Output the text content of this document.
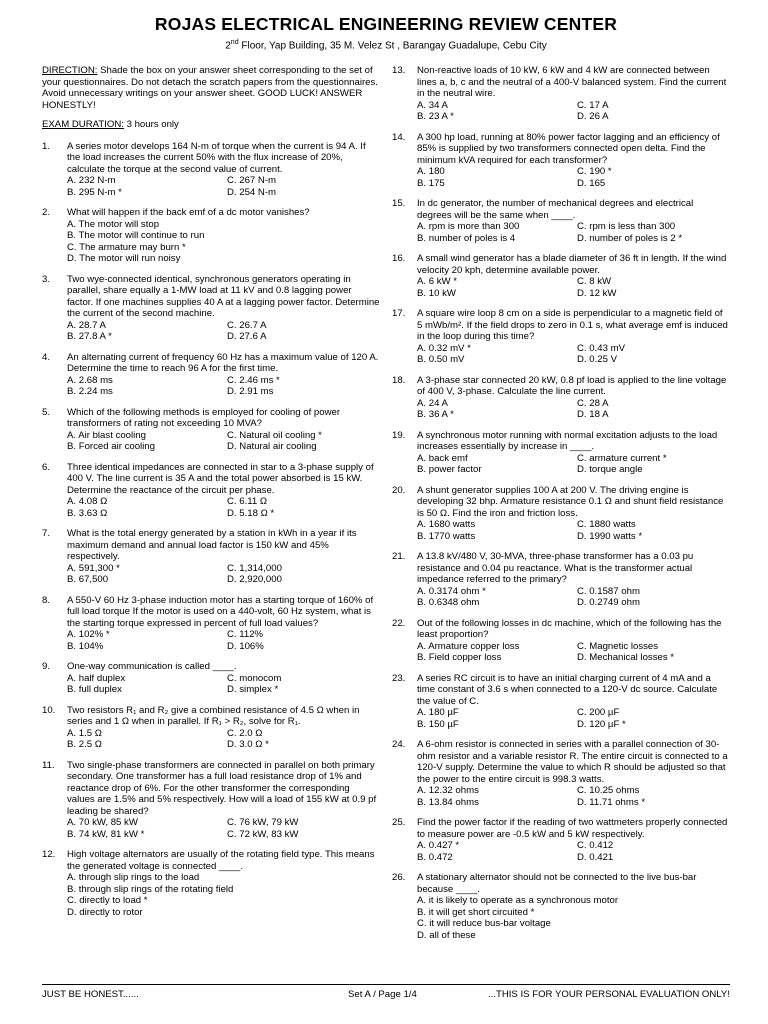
ROJAS ELECTRICAL ENGINEERING REVIEW CENTER
2nd Floor, Yap Building, 35 M. Velez St , Barangay Guadalupe, Cebu City

DIRECTION: Shade the box on your answer sheet corresponding to the set of your questionnaires. Do not detach the scratch papers from the questionnaires. Avoid unnecessary writings on your answer sheet. GOOD LUCK! ANSWER HONESTLY!

EXAM DURATION: 3 hours only

1.	A series motor develops 164 N-m of torque when the current is 94 A. If the load increases the current 50% with the flux increase of 20%, calculate the torque at the second value of current.
A. 232 N-m	C. 267 N-m
B. 295 N-m *	D. 254 N-m
2.	What will happen if the back emf of a dc motor vanishes?
A. The motor will stop
B. The motor will continue to run
C. The armature may burn *
D. The motor will run noisy
3.	Two wye-connected identical, synchronous generators operating in parallel, share equally a 1-MW load at 11 kV and 0.8 lagging power factor. If one machines supplies 40 A at a lagging power factor. Determine the current of the second machine.
A. 28.7 A	C. 26.7 A
B. 27.8 A *	D. 27.6 A
4.	An alternating current of frequency 60 Hz has a maximum value of 120 A. Determine the time to reach 96 A for the first time.
A. 2.68 ms	C. 2.46 ms *
B. 2.24 ms	D. 2.91 ms
5.	Which of the following methods is employed for cooling of power transformers of rating not exceeding 10 MVA?
A. Air blast cooling	C. Natural oil cooling *
B. Forced air cooling	D. Natural air cooling
6.	Three identical impedances are connected in star to a 3-phase supply of 400 V. The line current is 35 A and the total power absorbed is 15 kW. Determine the reactance of the circuit per phase.
A. 4.08 Ω	C. 6.11 Ω
B. 3.63 Ω	D. 5.18 Ω *
7.	What is the total energy generated by a station in kWh in a year if its maximum demand and annual load factor is 150 kW and 45% respectively.
A. 591,300 *	C. 1,314,000
B. 67,500	D. 2,920,000
8.	A 550-V 60 Hz 3-phase induction motor has a starting torque of 160% of full load torque If the motor is used on a 440-volt, 60 Hz system, what is the starting torque expressed in percent of full load values?
A. 102% *	C. 112%
B. 104%	D. 106%
9.	One-way communication is called ____.
A. half duplex	C. monocom
B. full duplex	D. simplex *
10.	Two resistors R₁ and R₂ give a combined resistance of 4.5 Ω when in series and 1 Ω when in parallel. If R₁ > R₂, solve for R₁.
A. 1.5 Ω	C. 2.0 Ω
B. 2.5 Ω	D. 3.0 Ω *
11.	Two single-phase transformers are connected in parallel on both primary secondary. One transformer has a full load resistance drop of 1% and reactance drop of 6%. For the other transformer the corresponding values are 1.5% and 5% respectively. How will a load of 155 kW at 0.9 pf leading be shared?
A. 70 kW, 85 kW	C. 76 kW, 79 kW
B. 74 kW, 81 kW *	C. 72 kW, 83 kW
12.	High voltage alternators are usually of the rotating field type. This means the generated voltage is connected ____.
A. through slip rings to the load
B. through slip rings of the rotating field
C. directly to load *
D. directly to rotor
13.	Non-reactive loads of 10 kW, 6 kW and 4 kW are connected between lines a, b, c and the neutral of a 400-V balanced system. Find the current in the neutral wire.
A. 34 A	C. 17 A
B. 23 A *	D. 26 A
14.	A 300 hp load, running at 80% power factor lagging and an efficiency of 85% is supplied by two transformers connected open delta. Find the minimum kVA required for each transformer?
A. 180	C. 190 *
B. 175	D. 165
15.	In dc generator, the number of mechanical degrees and electrical degrees will be the same when ____.
A. rpm is more than 300	C. rpm is less than 300
B. number of poles is 4	D. number of poles is 2 *
16.	A small wind generator has a blade diameter of 36 ft in length. If the wind velocity 20 kph, determine available power.
A. 6 kW *	C. 8 kW
B. 10 kW	D. 12 kW
17.	A square wire loop 8 cm on a side is perpendicular to a magnetic field of 5 mWb/m². If the field drops to zero in 0.1 s, what average emf is induced in the loop during this time?
A. 0.32 mV *	C. 0.43 mV
B. 0.50 mV	D. 0.25 V
18.	A 3-phase star connected 20 kW, 0.8 pf load is applied to the line voltage of 400 V, 3-phase. Calculate the line current.
A. 24 A	C. 28 A
B. 36 A *	D. 18 A
19.	A synchronous motor running with normal excitation adjusts to the load increases essentially by increase in ____.
A. back emf	C. armature current *
B. power factor	D. torque angle
20.	A shunt generator supplies 100 A at 200 V. The driving engine is developing 32 bhp. Armature resistance 0.1 Ω and shunt field resistance is 50 Ω. Find the iron and friction loss.
A. 1680 watts	C. 1880 watts
B. 1770 watts	D. 1990 watts *
21.	A 13.8 kV/480 V, 30-MVA, three-phase transformer has a 0.03 pu resistance and 0.04 pu reactance. What is the transformer actual impedance referred to the primary?
A. 0.3174 ohm *	C. 0.1587 ohm
B. 0.6348 ohm	D. 0.2749 ohm
22.	Out of the following losses in dc machine, which of the following has the least proportion?
A. Armature copper loss	C. Magnetic losses
B. Field copper loss	D. Mechanical losses *
23.	A series RC circuit is to have an initial charging current of 4 mA and a time constant of 3.6 s when connected to a 120-V dc source. Calculate the value of C.
A. 180 µF	C. 200 µF
B. 150 µF	D. 120 µF *
24.	A 6-ohm resistor is connected in series with a parallel connection of 30-ohm resistor and a variable resistor R. The entire circuit is connected to a 120-V supply. Determine the value to which R should be adjusted so that the power to the entire circuit is 998.3 watts.
A. 12.32 ohms	C. 10.25 ohms
B. 13.84 ohms	D. 11.71 ohms *
25.	Find the power factor if the reading of two wattmeters properly connected to measure power are -0.5 kW and 5 kW respectively.
A. 0.427 *	C. 0.412
B. 0.472	D. 0.421
26.	A stationary alternator should not be connected to the live bus-bar because ____.
A. it is likely to operate as a synchronous motor
B. it will get short circuited *
C. it will reduce bus-bar voltage
D. all of these
JUST BE HONEST......	Set A / Page 1/4	...THIS IS FOR YOUR PERSONAL EVALUATION ONLY!
